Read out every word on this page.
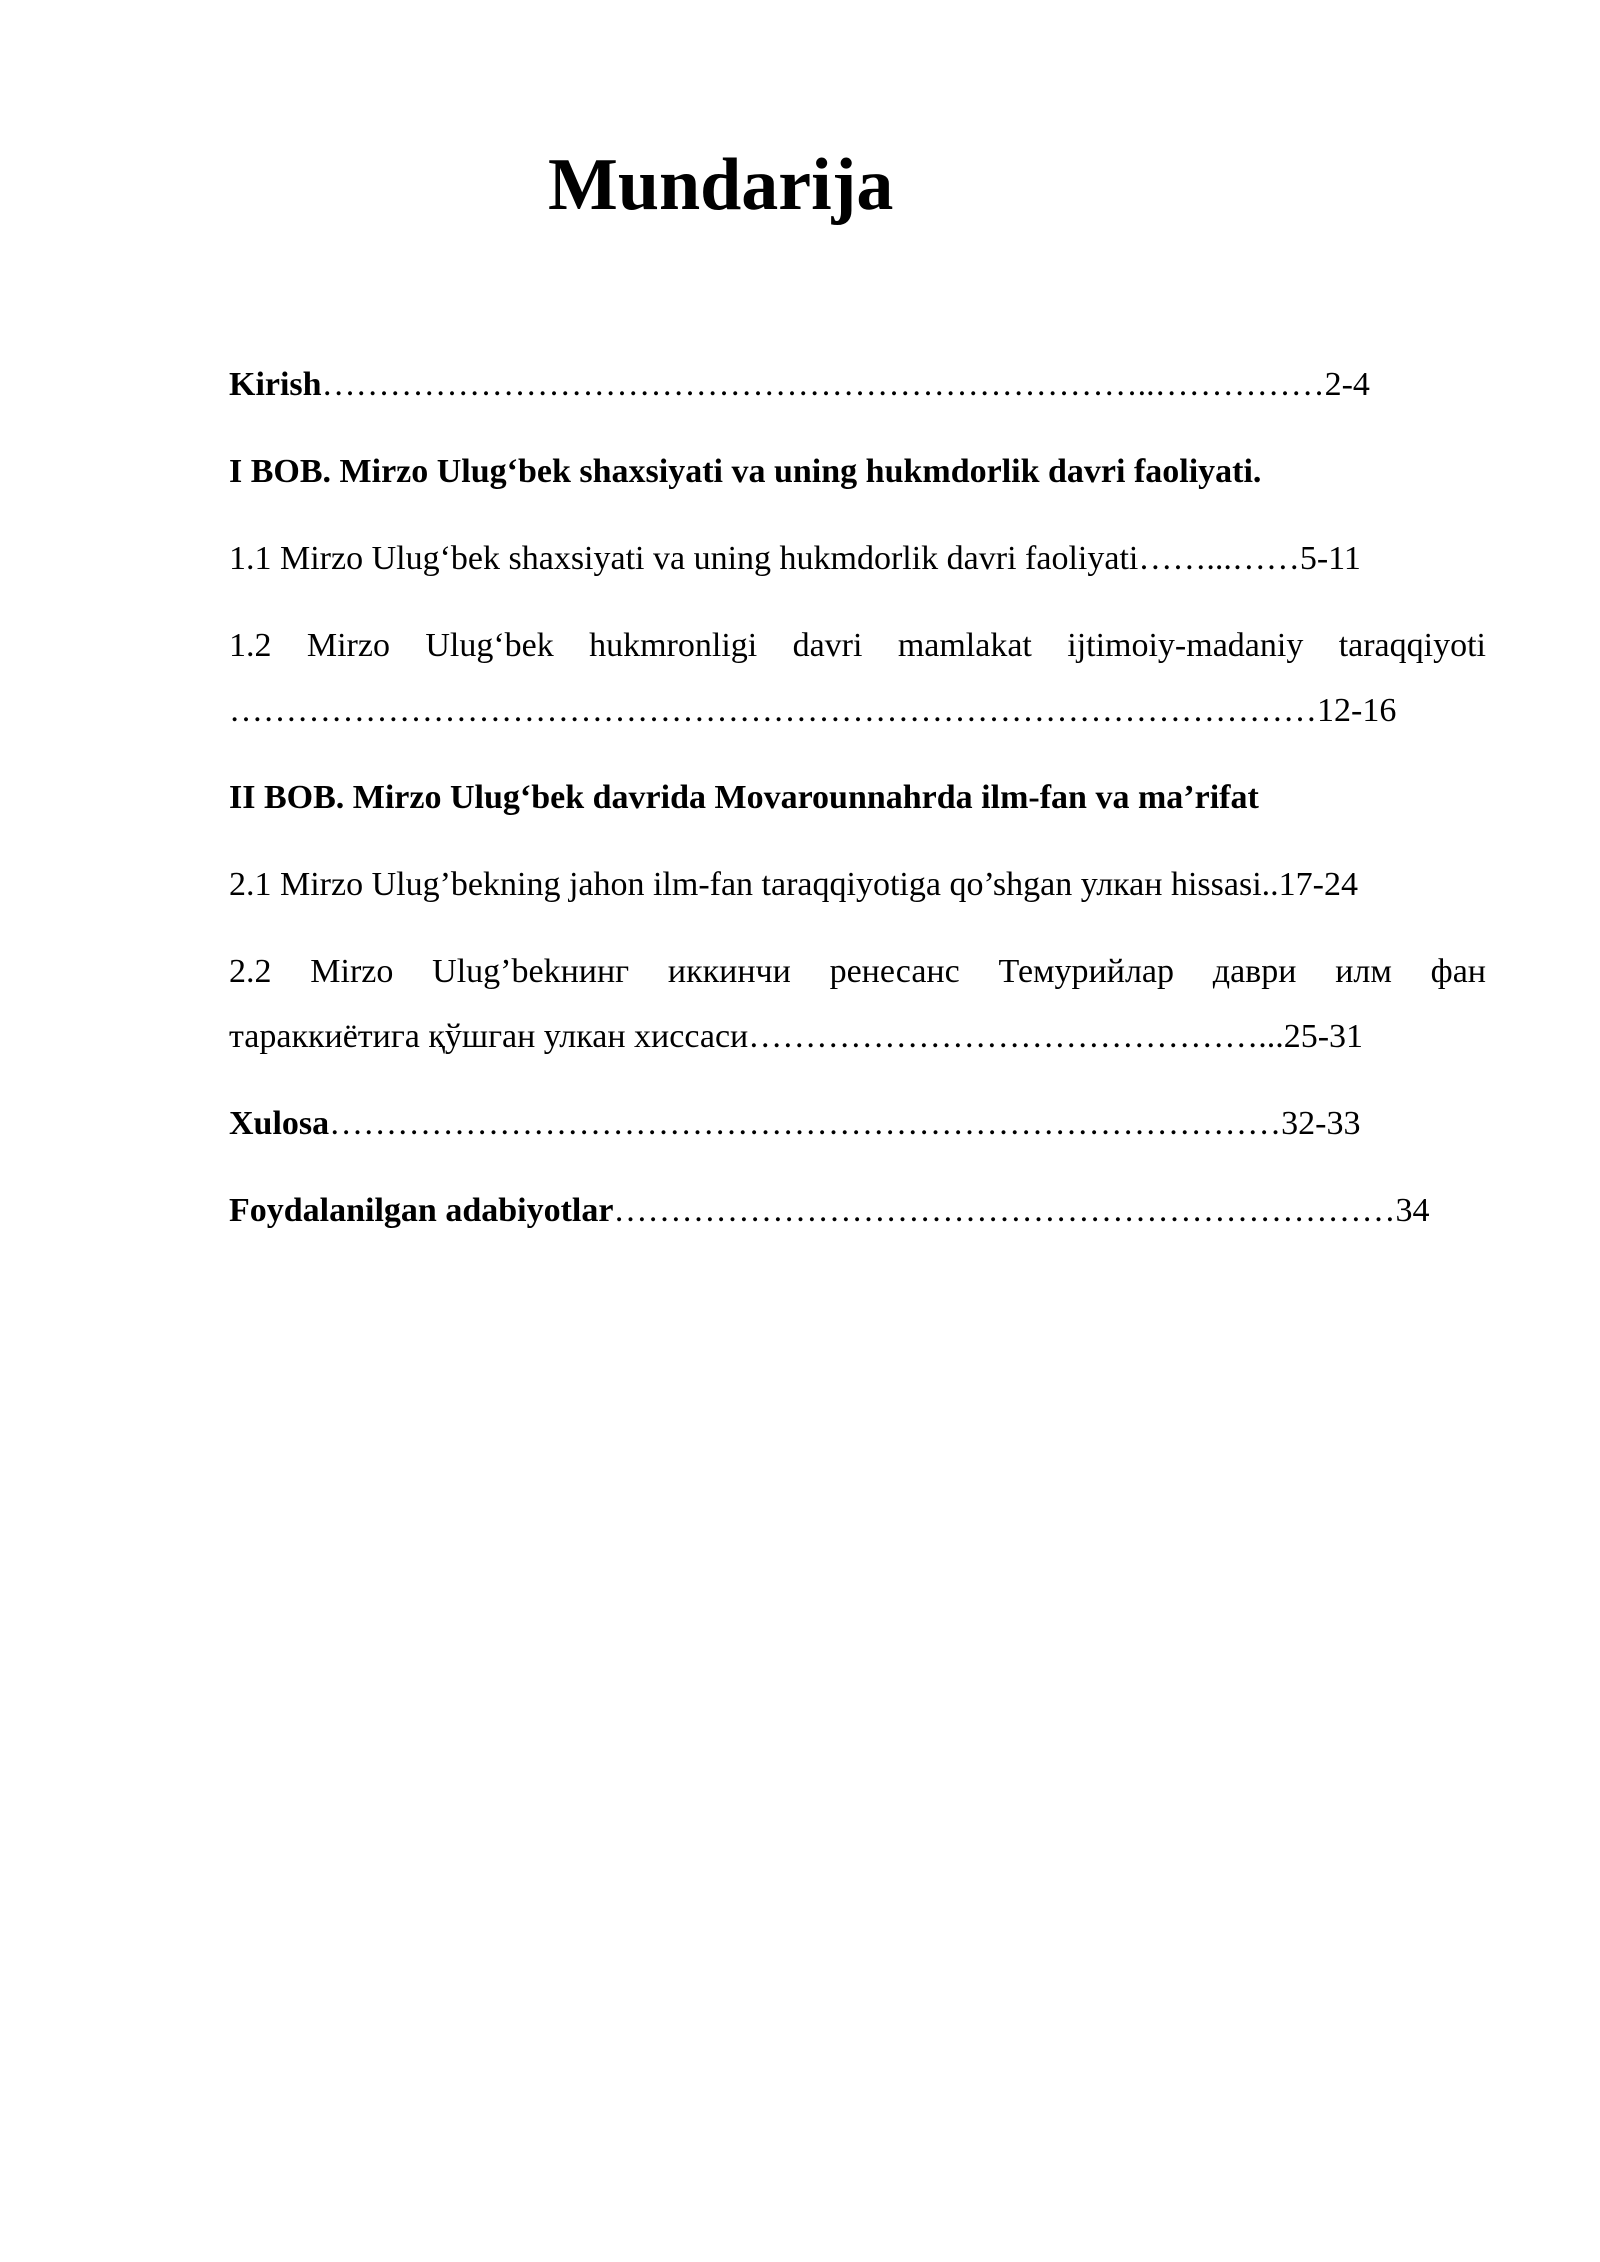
Mundarija
Kirish………………………………………………………………..……………2-4
I BOB. Mirzo Ulug‘bek shaxsiyati va uning hukmdorlik davri faoliyati.
1.1 Mirzo Ulug‘bek shaxsiyati va uning hukmdorlik davri faoliyati……...……5-11
1.2 Mirzo Ulug‘bek hukmronligi davri mamlakat ijtimoiy-madaniy taraqqiyoti
……………………………………………………………………………………12-16
II BOB. Mirzo Ulug‘bek davrida Movarounnahrda ilm-fan va ma’rifat
2.1 Mirzo Ulug’bekning jahon ilm-fan taraqqiyotiga qo’shgan улкан hissasi..17-24
2.2 Mirzo Ulug’bekнинг иккинчи ренесанс Темурийлар даври илм фан
тараккиётига қўшган улкан хиссаси………………………………………...25-31
Xulosa…………………………………………………………………………32-33
Foydalanilgan adabiyotlar……………………………………………………………34
